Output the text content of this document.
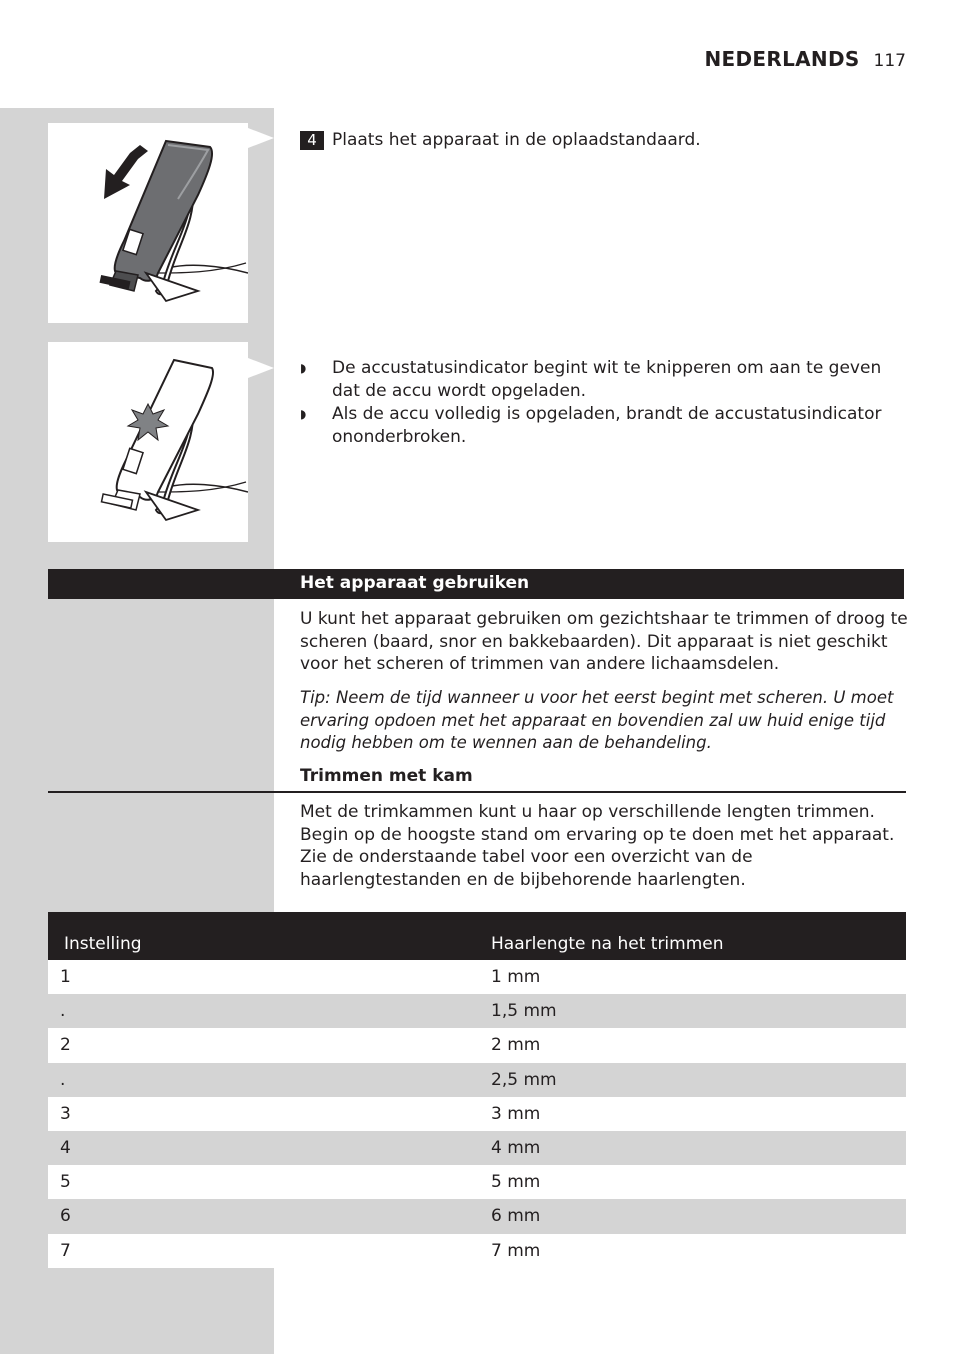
NEDERLANDS 117
4 Plaats het apparaat in de oplaadstandaard.
◗	De accustatusindicator begint wit te knipperen om aan te geven dat de accu wordt opgeladen.
◗	Als de accu volledig is opgeladen, brandt de accustatusindicator ononderbroken.
Het apparaat gebruiken
U kunt het apparaat gebruiken om gezichtshaar te trimmen of droog te scheren (baard, snor en bakkebaarden). Dit apparaat is niet geschikt voor het scheren of trimmen van andere lichaamsdelen.
Tip: Neem de tijd wanneer u voor het eerst begint met scheren. U moet ervaring opdoen met het apparaat en bovendien zal uw huid enige tijd nodig hebben om te wennen aan de behandeling.
Trimmen met kam
Met de trimkammen kunt u haar op verschillende lengten trimmen.
Begin op de hoogste stand om ervaring op te doen met het apparaat.
Zie de onderstaande tabel voor een overzicht van de haarlengtestanden en de bijbehorende haarlengten.
Instelling	Haarlengte na het trimmen
1	1 mm
.	1,5 mm
2	2 mm
.	2,5 mm
3	3 mm
4	4 mm
5	5 mm
6	6 mm
7	7 mm
